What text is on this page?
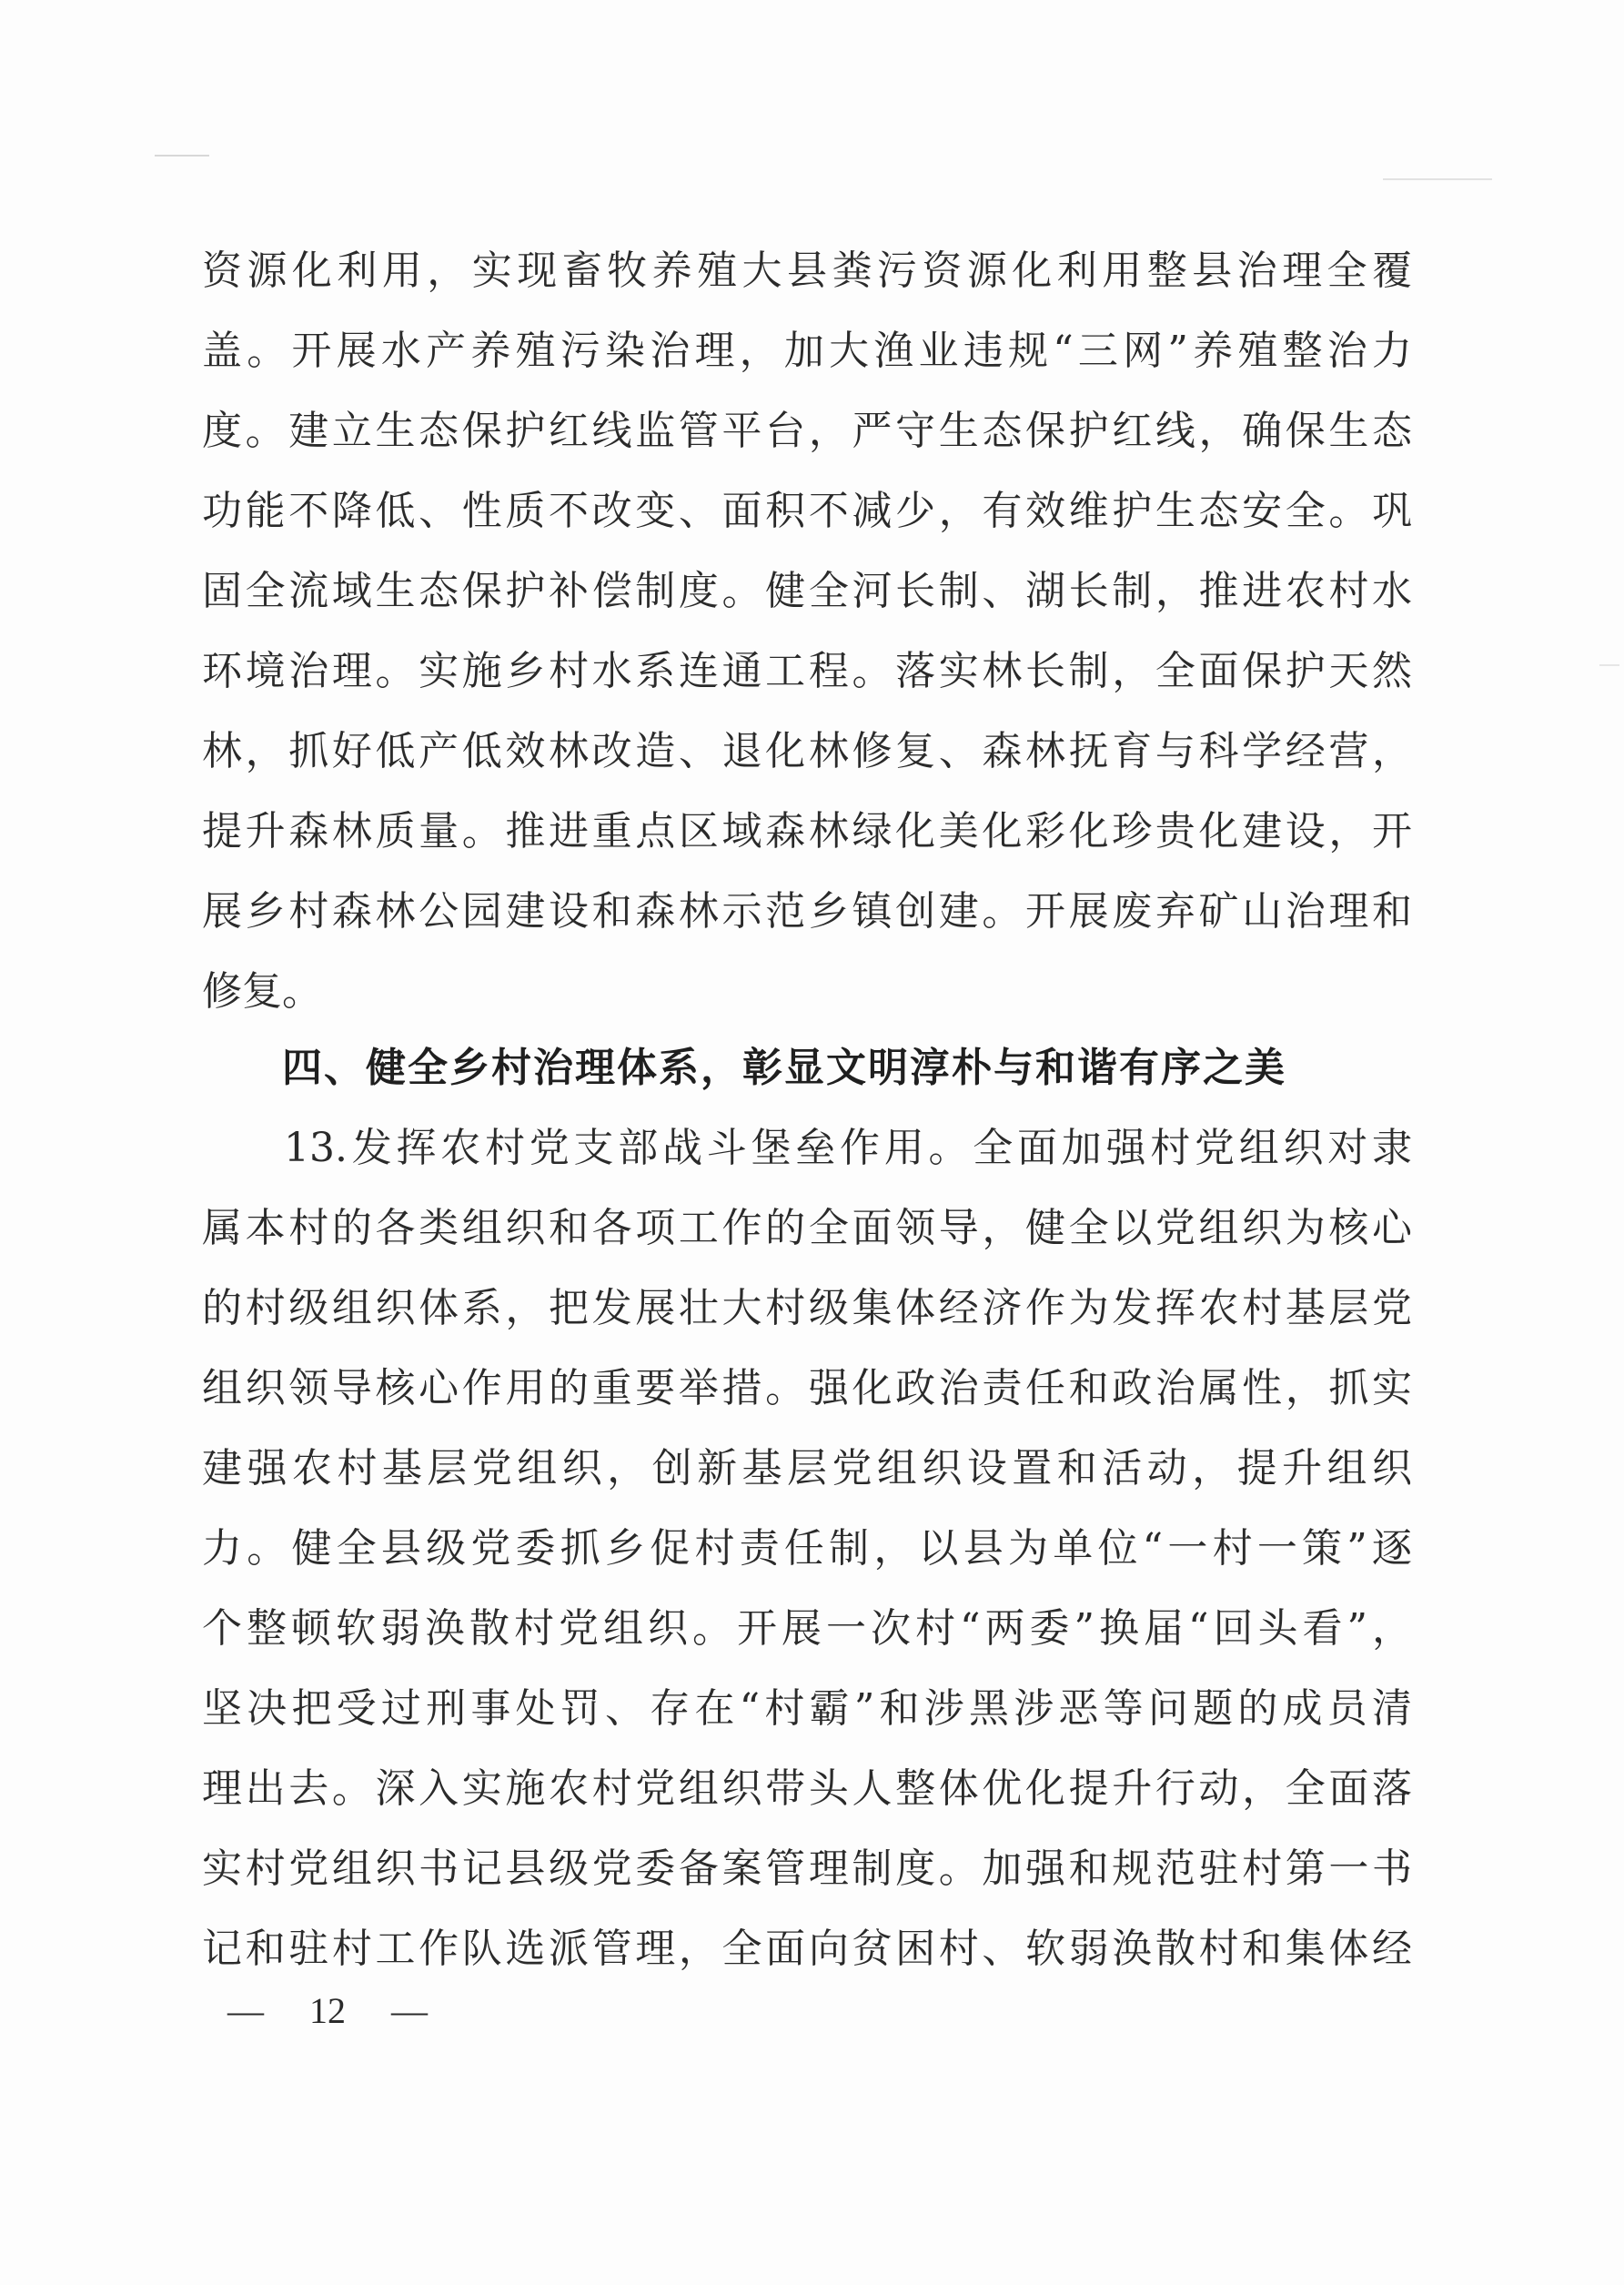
资源化利用，实现畜牧养殖大县粪污资源化利用整县治理全覆
盖。开展水产养殖污染治理，加大渔业违规“三网”养殖整治力
度。建立生态保护红线监管平台，严守生态保护红线，确保生态
功能不降低、性质不改变、面积不减少，有效维护生态安全。巩
固全流域生态保护补偿制度。健全河长制、湖长制，推进农村水
环境治理。实施乡村水系连通工程。落实林长制，全面保护天然
林，抓好低产低效林改造、退化林修复、森林抚育与科学经营，
提升森林质量。推进重点区域森林绿化美化彩化珍贵化建设，开
展乡村森林公园建设和森林示范乡镇创建。开展废弃矿山治理和
修复。
四、健全乡村治理体系，彰显文明淳朴与和谐有序之美
13.发挥农村党支部战斗堡垒作用。全面加强村党组织对隶
属本村的各类组织和各项工作的全面领导，健全以党组织为核心
的村级组织体系，把发展壮大村级集体经济作为发挥农村基层党
组织领导核心作用的重要举措。强化政治责任和政治属性，抓实
建强农村基层党组织，创新基层党组织设置和活动，提升组织
力。健全县级党委抓乡促村责任制，以县为单位“一村一策”逐
个整顿软弱涣散村党组织。开展一次村“两委”换届“回头看”，
坚决把受过刑事处罚、存在“村霸”和涉黑涉恶等问题的成员清
理出去。深入实施农村党组织带头人整体优化提升行动，全面落
实村党组织书记县级党委备案管理制度。加强和规范驻村第一书
记和驻村工作队选派管理，全面向贫困村、软弱涣散村和集体经
— 12 —
